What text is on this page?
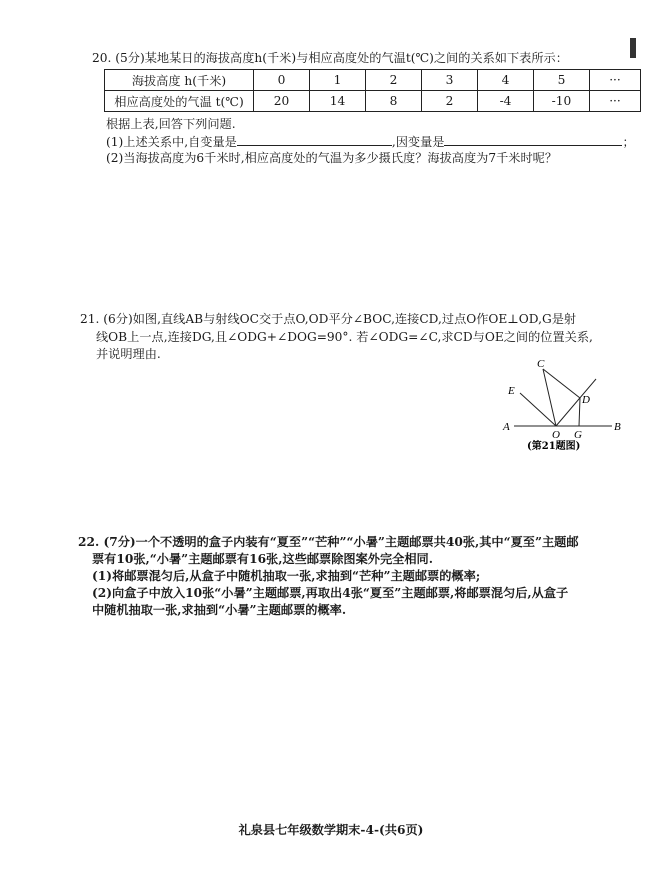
20. (5分)某地某日的海拔高度h(千米)与相应高度处的气温t(℃)之间的关系如下表所示：
海拔高度 h(千米)	0	1	2	3	4	5	···
相应高度处的气温 t(℃)	20	14	8	2	-4	-10	···
根据上表,回答下列问题.
(1)上述关系中,自变量是	,因变量是	；
(2)当海拔高度为6千米时,相应高度处的气温为多少摄氏度？海拔高度为7千米时呢？
21. (6分)如图,直线AB与射线OC交于点O,OD平分∠BOC,连接CD,过点O作OE⊥OD,G是射
线OB上一点,连接DG,且∠ODG+∠DOG=90°. 若∠ODG=∠C,求CD与OE之间的位置关系,
并说明理由.
C
E
D
A	B
O G
(第21题图)
22. (7分)一个不透明的盒子内装有“夏至”“芒种”“小暑”主题邮票共40张,其中“夏至”主题邮
票有10张,“小暑”主题邮票有16张,这些邮票除图案外完全相同.
(1)将邮票混匀后,从盒子中随机抽取一张,求抽到“芒种”主题邮票的概率;
(2)向盒子中放入10张“小暑”主题邮票,再取出4张“夏至”主题邮票,将邮票混匀后,从盒子
中随机抽取一张,求抽到“小暑”主题邮票的概率.
礼泉县七年级数学期末-4-(共6页)
